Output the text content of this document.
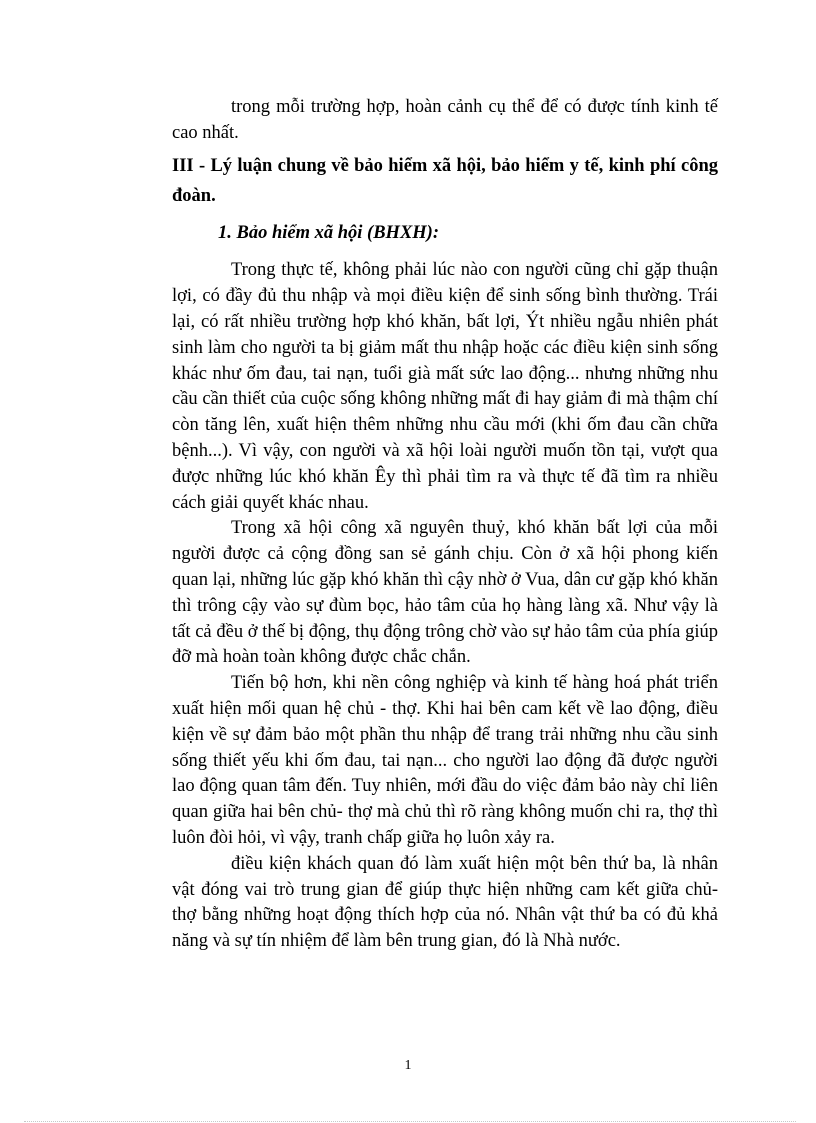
trong mỗi trường hợp, hoàn cảnh cụ thể để có được tính kinh tế cao nhất.

III - Lý luận chung về bảo hiểm xã hội, bảo hiểm y tế, kinh phí công đoàn.

1. Bảo hiểm xã hội (BHXH):

Trong thực tế, không phải lúc nào con người cũng chỉ gặp thuận lợi, có đầy đủ thu nhập và mọi điều kiện để sinh sống bình thường. Trái lại, có rất nhiều trường hợp khó khăn, bất lợi, Ýt nhiều ngẫu nhiên phát sinh làm cho người ta bị giảm mất thu nhập hoặc các điều kiện sinh sống khác như ốm đau, tai nạn, tuổi già mất sức lao động... nhưng những nhu cầu cần thiết của cuộc sống không những mất đi hay giảm đi mà thậm chí còn tăng lên, xuất hiện thêm những nhu cầu mới (khi ốm đau cần chữa bệnh...). Vì vậy, con người và xã hội loài người muốn tồn tại, vượt qua được những lúc khó khăn Êy thì phải tìm ra và thực tế đã tìm ra nhiều cách giải quyết khác nhau.

Trong xã hội công xã nguyên thuỷ, khó khăn bất lợi của mỗi người được cả cộng đồng san sẻ gánh chịu. Còn ở xã hội phong kiến quan lại, những lúc gặp khó khăn thì cậy nhờ ở Vua, dân cư gặp khó khăn thì trông cậy vào sự đùm bọc, hảo tâm của họ hàng làng xã. Như vậy là tất cả đều ở thế bị động, thụ động trông chờ vào sự hảo tâm của phía giúp đỡ mà hoàn toàn không được chắc chắn.

Tiến bộ hơn, khi nền công nghiệp và kinh tế hàng hoá phát triển xuất hiện mối quan hệ chủ - thợ. Khi hai bên cam kết về lao động, điều kiện về sự đảm bảo một phần thu nhập để trang trải những nhu cầu sinh sống thiết yếu khi ốm đau, tai nạn... cho người lao động đã được người lao động quan tâm đến. Tuy nhiên, mới đầu do việc đảm bảo này chỉ liên quan giữa hai bên chủ- thợ mà chủ thì rõ ràng không muốn chi ra, thợ thì luôn đòi hỏi, vì vậy, tranh chấp giữa họ luôn xảy ra.

điều kiện khách quan đó làm xuất hiện một bên thứ ba, là nhân vật đóng vai trò trung gian để giúp thực hiện những cam kết giữa chủ- thợ bằng những hoạt động thích hợp của nó. Nhân vật thứ ba có đủ khả năng và sự tín nhiệm để làm bên trung gian, đó là Nhà nước.

1
